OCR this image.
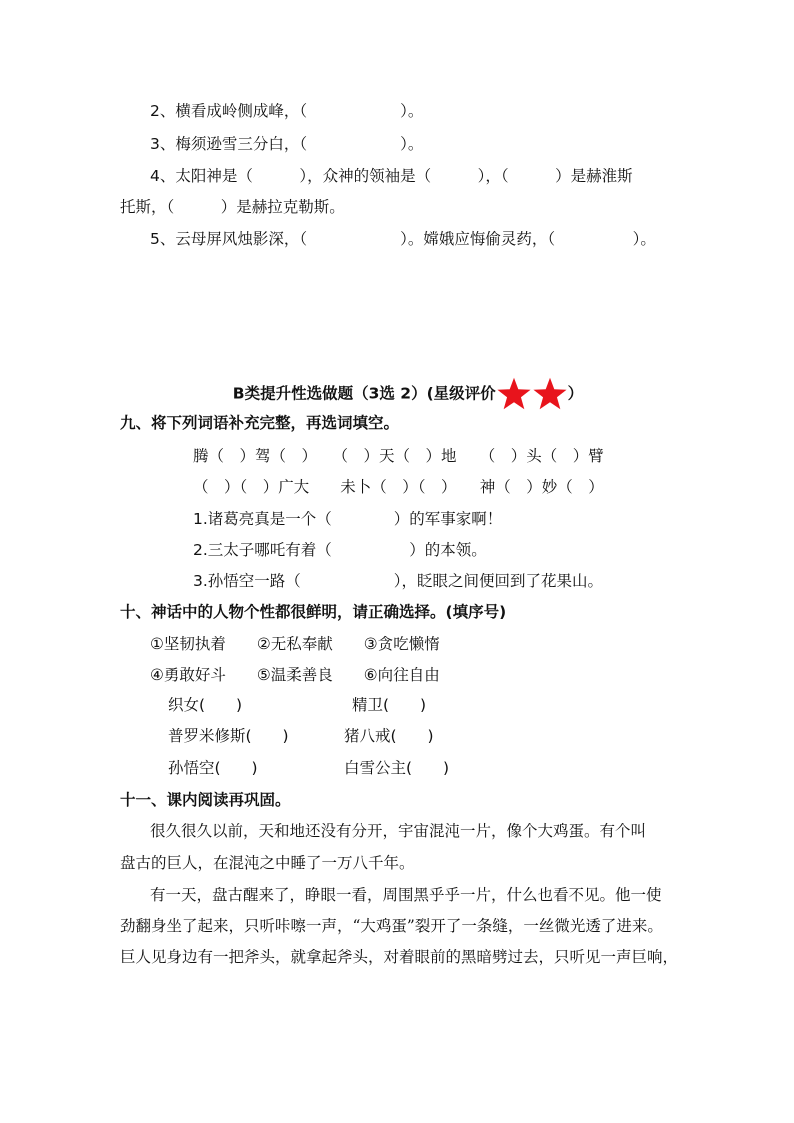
2、横看成岭侧成峰，（　　　　　　）。
3、梅须逊雪三分白，（　　　　　　）。
4、太阳神是（　　　），众神的领袖是（　　　），（　　　）是赫淮斯
托斯，（　　　）是赫拉克勒斯。
5、云母屏风烛影深，（　　　　　　）。嫦娥应悔偷灵药，（　　　　　）。

B类提升性选做题（3选 2）(星级评价	）

九、将下列词语补充完整，再选词填空。
腾（　）驾（　）　　（　）天（　）地　　（　）头（　）臂
（　）（　）广大　　未卜（　）（　）　　神（　）妙（　）
1.诸葛亮真是一个（　　　　）的军事家啊！
2.三太子哪吒有着（　　　　　）的本领。
3.孙悟空一路（　　　　　　），眨眼之间便回到了花果山。
十、神话中的人物个性都很鲜明，请正确选择。(填序号)
①坚韧执着　　②无私奉献　　③贪吃懒惰
④勇敢好斗　　⑤温柔善良　　⑥向往自由
织女(　　)	精卫(　　)
普罗米修斯(　　)	猪八戒(　　)
孙悟空(　　)	白雪公主(　　)
十一、课内阅读再巩固。
很久很久以前，天和地还没有分开，宇宙混沌一片，像个大鸡蛋。有个叫
盘古的巨人，在混沌之中睡了一万八千年。
有一天，盘古醒来了，睁眼一看，周围黑乎乎一片，什么也看不见。他一使
劲翻身坐了起来，只听咔嚓一声，“大鸡蛋”裂开了一条缝，一丝微光透了进来。
巨人见身边有一把斧头，就拿起斧头，对着眼前的黑暗劈过去，只听见一声巨响，
